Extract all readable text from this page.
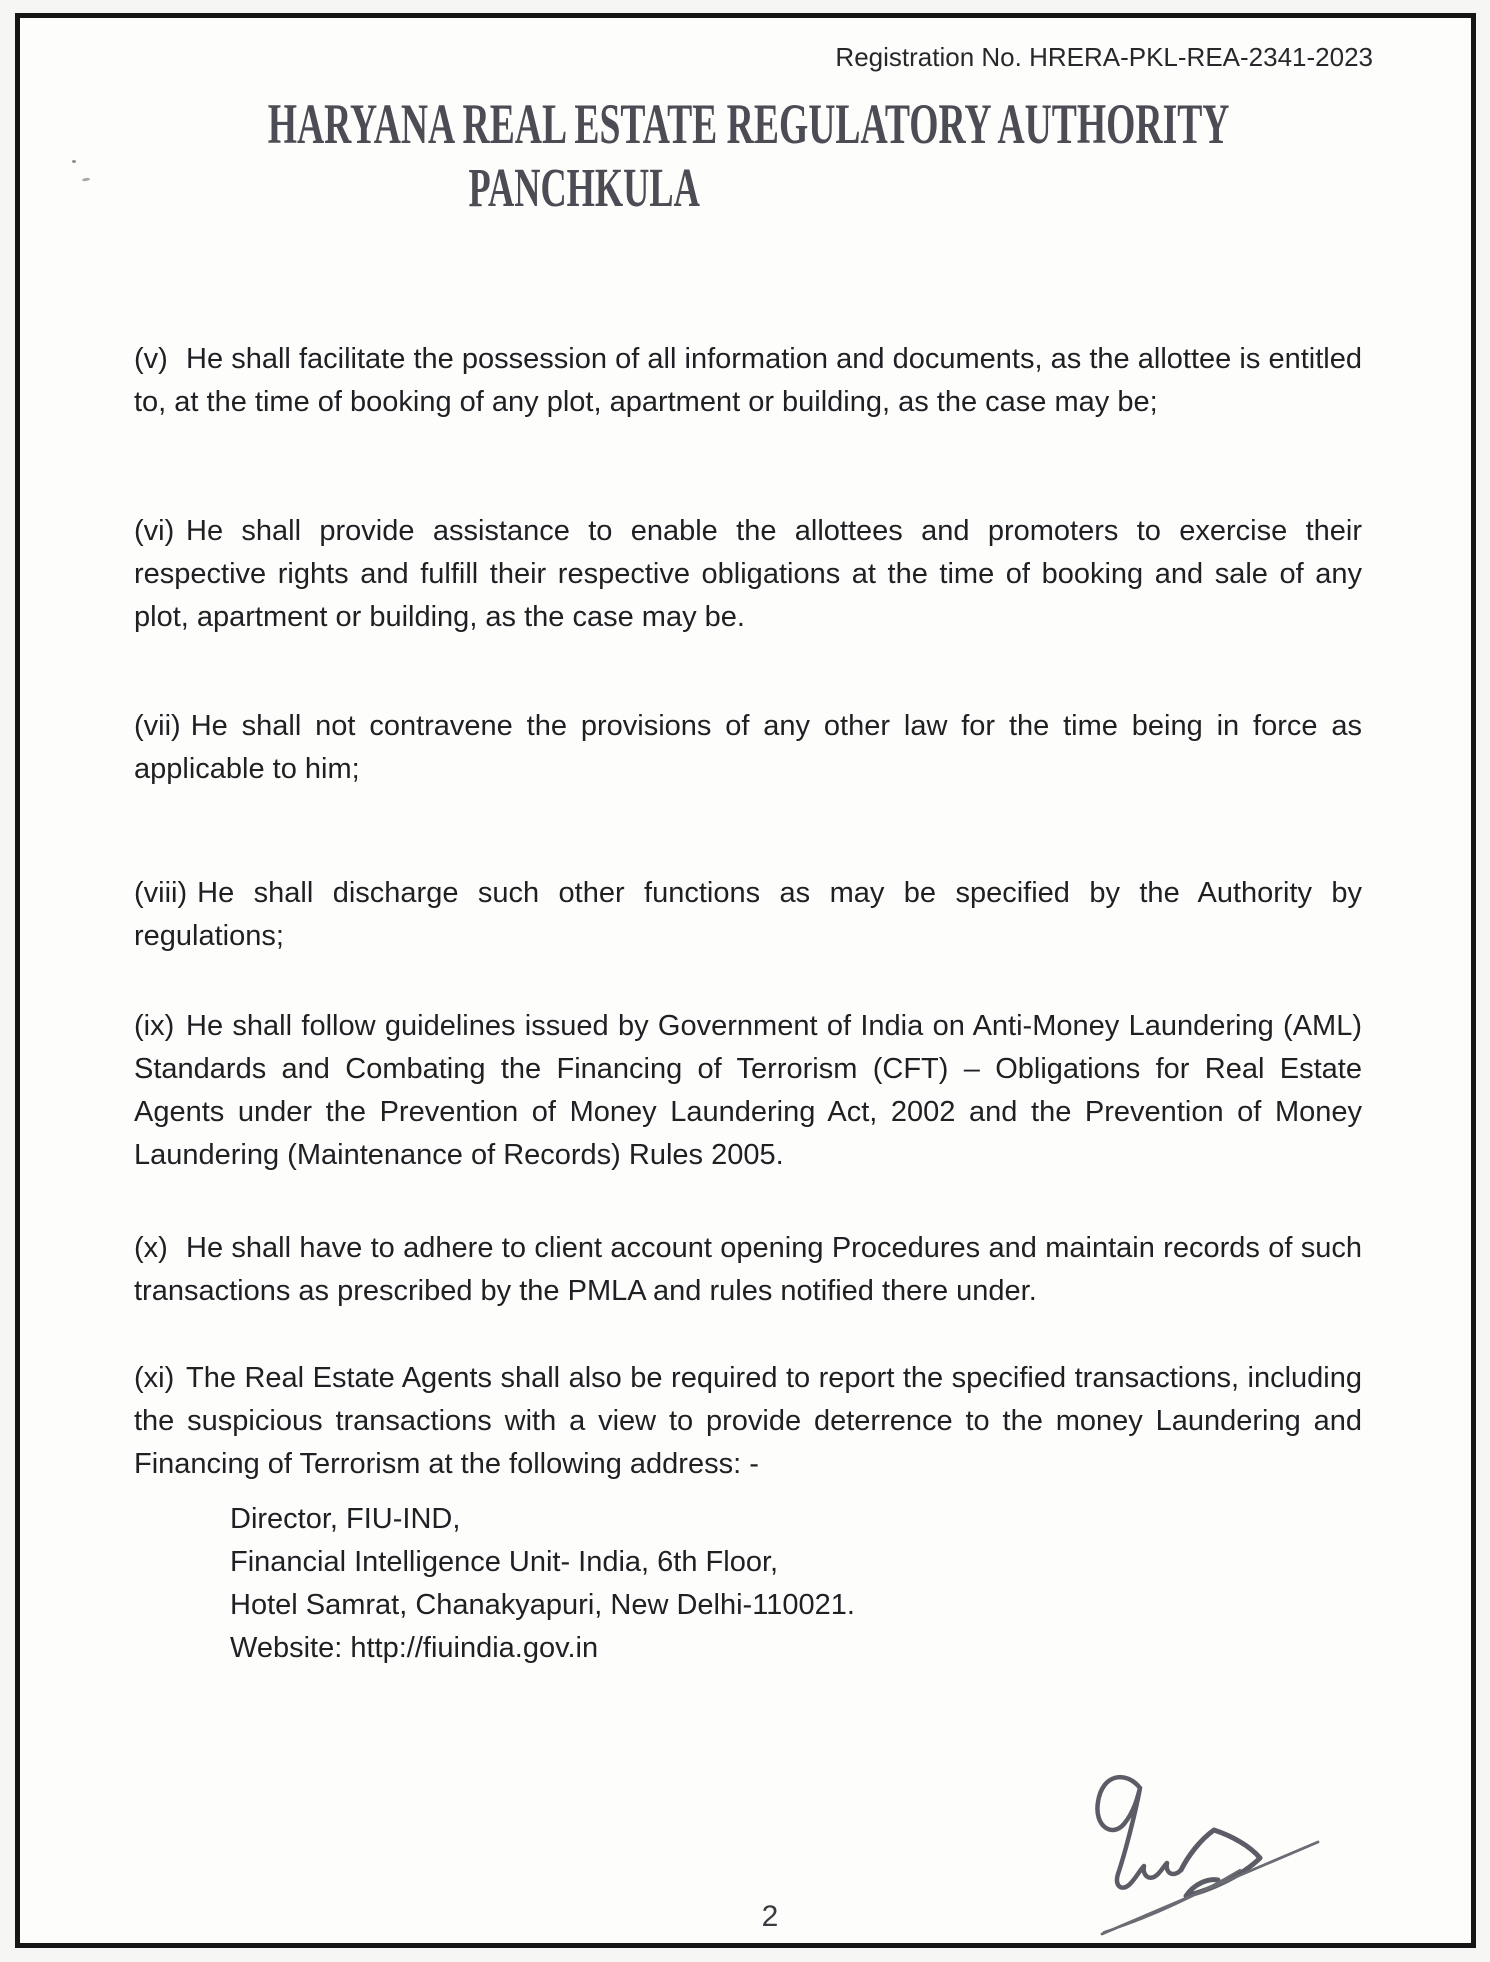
Registration No. HRERA-PKL-REA-2341-2023
HARYANA REAL ESTATE REGULATORY AUTHORITY
PANCHKULA

(v) He shall facilitate the possession of all information and documents, as the allottee is entitled to, at the time of booking of any plot, apartment or building, as the case may be;

(vi) He shall provide assistance to enable the allottees and promoters to exercise their respective rights and fulfill their respective obligations at the time of booking and sale of any plot, apartment or building, as the case may be.

(vii) He shall not contravene the provisions of any other law for the time being in force as applicable to him;

(viii) He shall discharge such other functions as may be specified by the Authority by regulations;

(ix) He shall follow guidelines issued by Government of India on Anti-Money Laundering (AML) Standards and Combating the Financing of Terrorism (CFT) – Obligations for Real Estate Agents under the Prevention of Money Laundering Act, 2002 and the Prevention of Money Laundering (Maintenance of Records) Rules 2005.

(x) He shall have to adhere to client account opening Procedures and maintain records of such transactions as prescribed by the PMLA and rules notified there under.

(xi) The Real Estate Agents shall also be required to report the specified transactions, including the suspicious transactions with a view to provide deterrence to the money Laundering and Financing of Terrorism at the following address: -

Director, FIU-IND,
Financial Intelligence Unit- India, 6th Floor,
Hotel Samrat, Chanakyapuri, New Delhi-110021.
Website: http://fiuindia.gov.in
2
